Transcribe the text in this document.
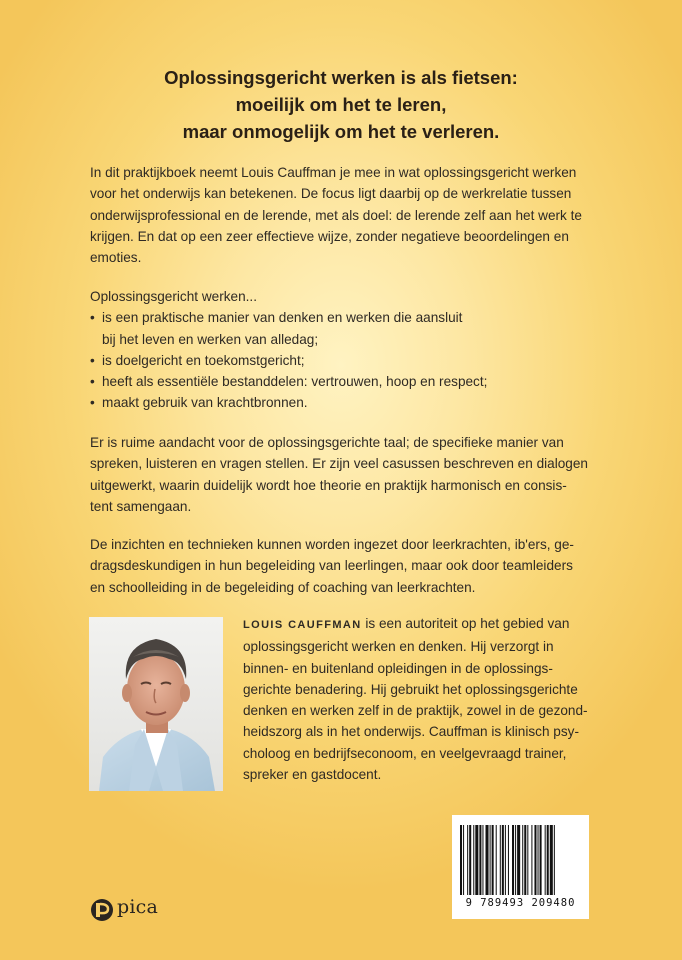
Oplossingsgericht werken is als fietsen:
moeilijk om het te leren,
maar onmogelijk om het te verleren.
In dit praktijkboek neemt Louis Cauffman je mee in wat oplossingsgericht werken
voor het onderwijs kan betekenen. De focus ligt daarbij op de werkrelatie tussen
onderwijsprofessional en de lerende, met als doel: de lerende zelf aan het werk te
krijgen. En dat op een zeer effectieve wijze, zonder negatieve beoordelingen en
emoties.
Oplossingsgericht werken...
• is een praktische manier van denken en werken die aansluit
bij het leven en werken van alledag;
• is doelgericht en toekomstgericht;
• heeft als essentiële bestanddelen: vertrouwen, hoop en respect;
• maakt gebruik van krachtbronnen.
Er is ruime aandacht voor de oplossingsgerichte taal; de specifieke manier van
spreken, luisteren en vragen stellen. Er zijn veel casussen beschreven en dialogen
uitgewerkt, waarin duidelijk wordt hoe theorie en praktijk harmonisch en consis-
tent samengaan.
De inzichten en technieken kunnen worden ingezet door leerkrachten, ib'ers, ge-
dragsdeskundigen in hun begeleiding van leerlingen, maar ook door teamleiders
en schoolleiding in de begeleiding of coaching van leerkrachten.
LOUIS CAUFFMAN is een autoriteit op het gebied van
oplossingsgericht werken en denken. Hij verzorgt in
binnen- en buitenland opleidingen in de oplossings-
gerichte benadering. Hij gebruikt het oplossingsgerichte
denken en werken zelf in de praktijk, zowel in de gezond-
heidszorg als in het onderwijs. Cauffman is klinisch psy-
choloog en bedrijfseconoom, en veelgevraagd trainer,
spreker en gastdocent.
9 789493 209480
pica
